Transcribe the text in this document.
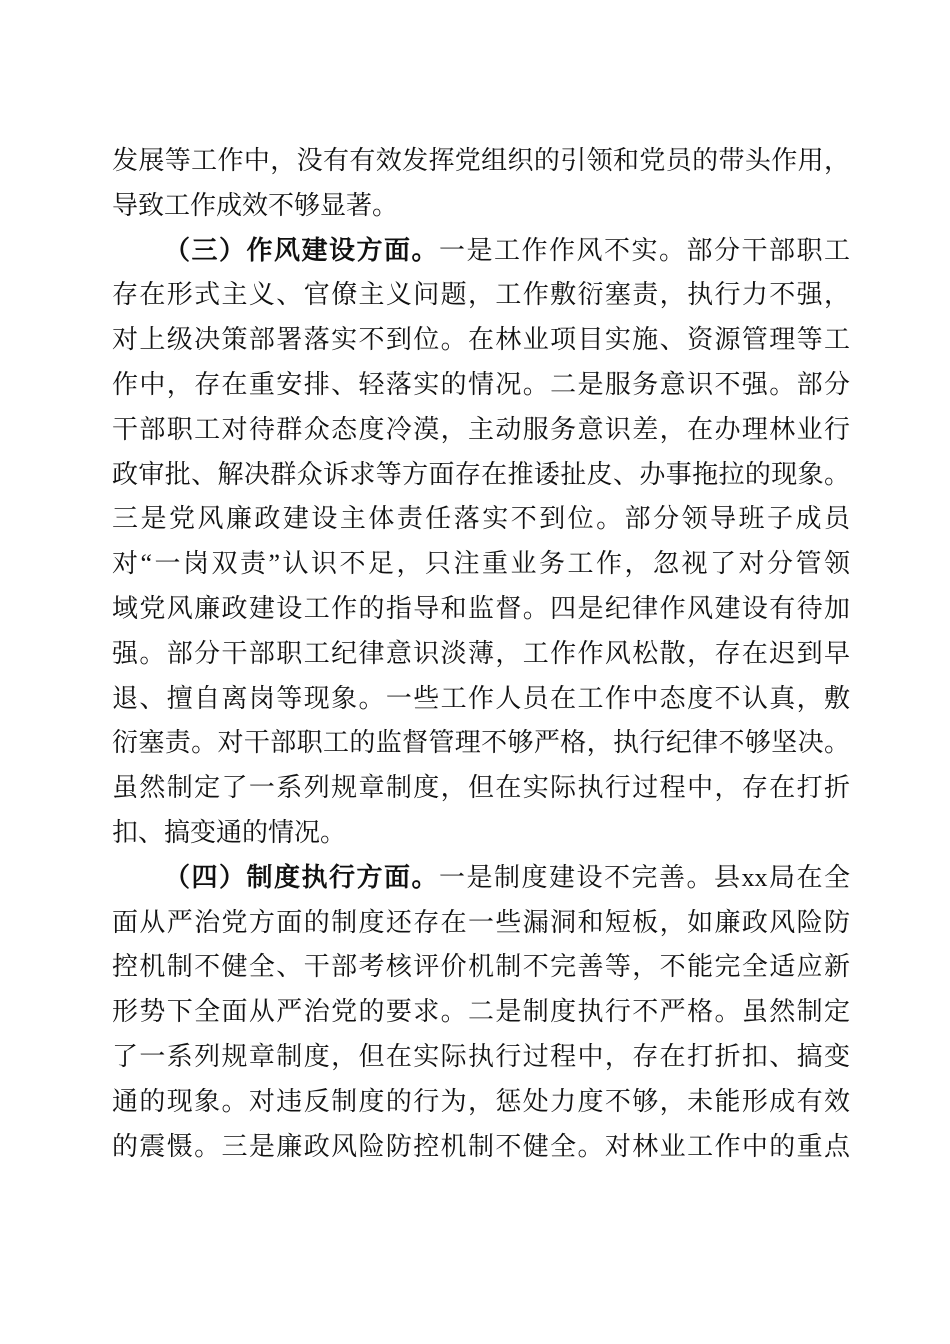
发展等工作中，没有有效发挥党组织的引领和党员的带头作用，
导致工作成效不够显著。
（三）作风建设方面。一是工作作风不实。部分干部职工
存在形式主义、官僚主义问题，工作敷衍塞责，执行力不强，
对上级决策部署落实不到位。在林业项目实施、资源管理等工
作中，存在重安排、轻落实的情况。二是服务意识不强。部分
干部职工对待群众态度冷漠，主动服务意识差，在办理林业行
政审批、解决群众诉求等方面存在推诿扯皮、办事拖拉的现象。
三是党风廉政建设主体责任落实不到位。部分领导班子成员
对“一岗双责”认识不足，只注重业务工作，忽视了对分管领
域党风廉政建设工作的指导和监督。四是纪律作风建设有待加
强。部分干部职工纪律意识淡薄，工作作风松散，存在迟到早
退、擅自离岗等现象。一些工作人员在工作中态度不认真，敷
衍塞责。对干部职工的监督管理不够严格，执行纪律不够坚决。
虽然制定了一系列规章制度，但在实际执行过程中，存在打折
扣、搞变通的情况。
（四）制度执行方面。一是制度建设不完善。县xx局在全
面从严治党方面的制度还存在一些漏洞和短板，如廉政风险防
控机制不健全、干部考核评价机制不完善等，不能完全适应新
形势下全面从严治党的要求。二是制度执行不严格。虽然制定
了一系列规章制度，但在实际执行过程中，存在打折扣、搞变
通的现象。对违反制度的行为，惩处力度不够，未能形成有效
的震慑。三是廉政风险防控机制不健全。对林业工作中的重点
